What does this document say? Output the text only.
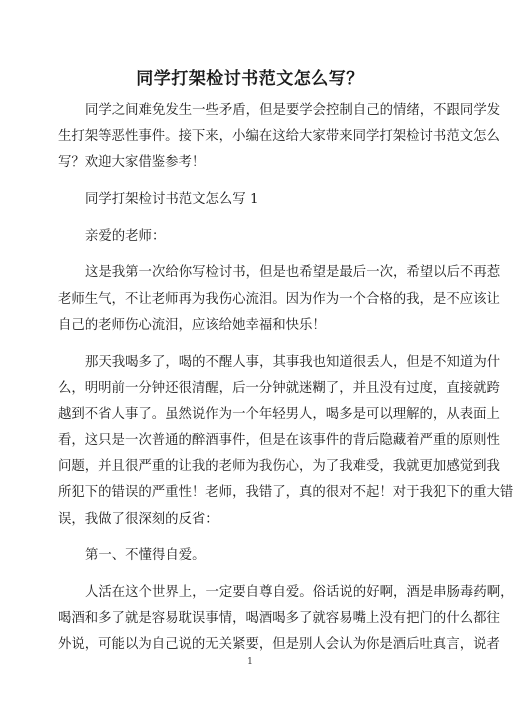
同学打架检讨书范文怎么写？
同学之间难免发生一些矛盾，但是要学会控制自己的情绪，不跟同学发
生打架等恶性事件。接下来，小编在这给大家带来同学打架检讨书范文怎么
写？欢迎大家借鉴参考！
同学打架检讨书范文怎么写 1
亲爱的老师：
这是我第一次给你写检讨书，但是也希望是最后一次，希望以后不再惹
老师生气，不让老师再为我伤心流泪。因为作为一个合格的我，是不应该让
自己的老师伤心流泪，应该给她幸福和快乐！
那天我喝多了，喝的不醒人事，其事我也知道很丢人，但是不知道为什
么，明明前一分钟还很清醒，后一分钟就迷糊了，并且没有过度，直接就跨
越到不省人事了。虽然说作为一个年轻男人，喝多是可以理解的，从表面上
看，这只是一次普通的醉酒事件，但是在该事件的背后隐藏着严重的原则性
问题，并且很严重的让我的老师为我伤心，为了我难受，我就更加感觉到我
所犯下的错误的严重性！老师，我错了，真的很对不起！对于我犯下的重大错
误，我做了很深刻的反省：
第一、不懂得自爱。
人活在这个世界上，一定要自尊自爱。俗话说的好啊，酒是串肠毒药啊，
喝酒和多了就是容易耽误事情，喝酒喝多了就容易嘴上没有把门的什么都往
外说，可能以为自己说的无关紧要，但是别人会认为你是酒后吐真言，说者
1
